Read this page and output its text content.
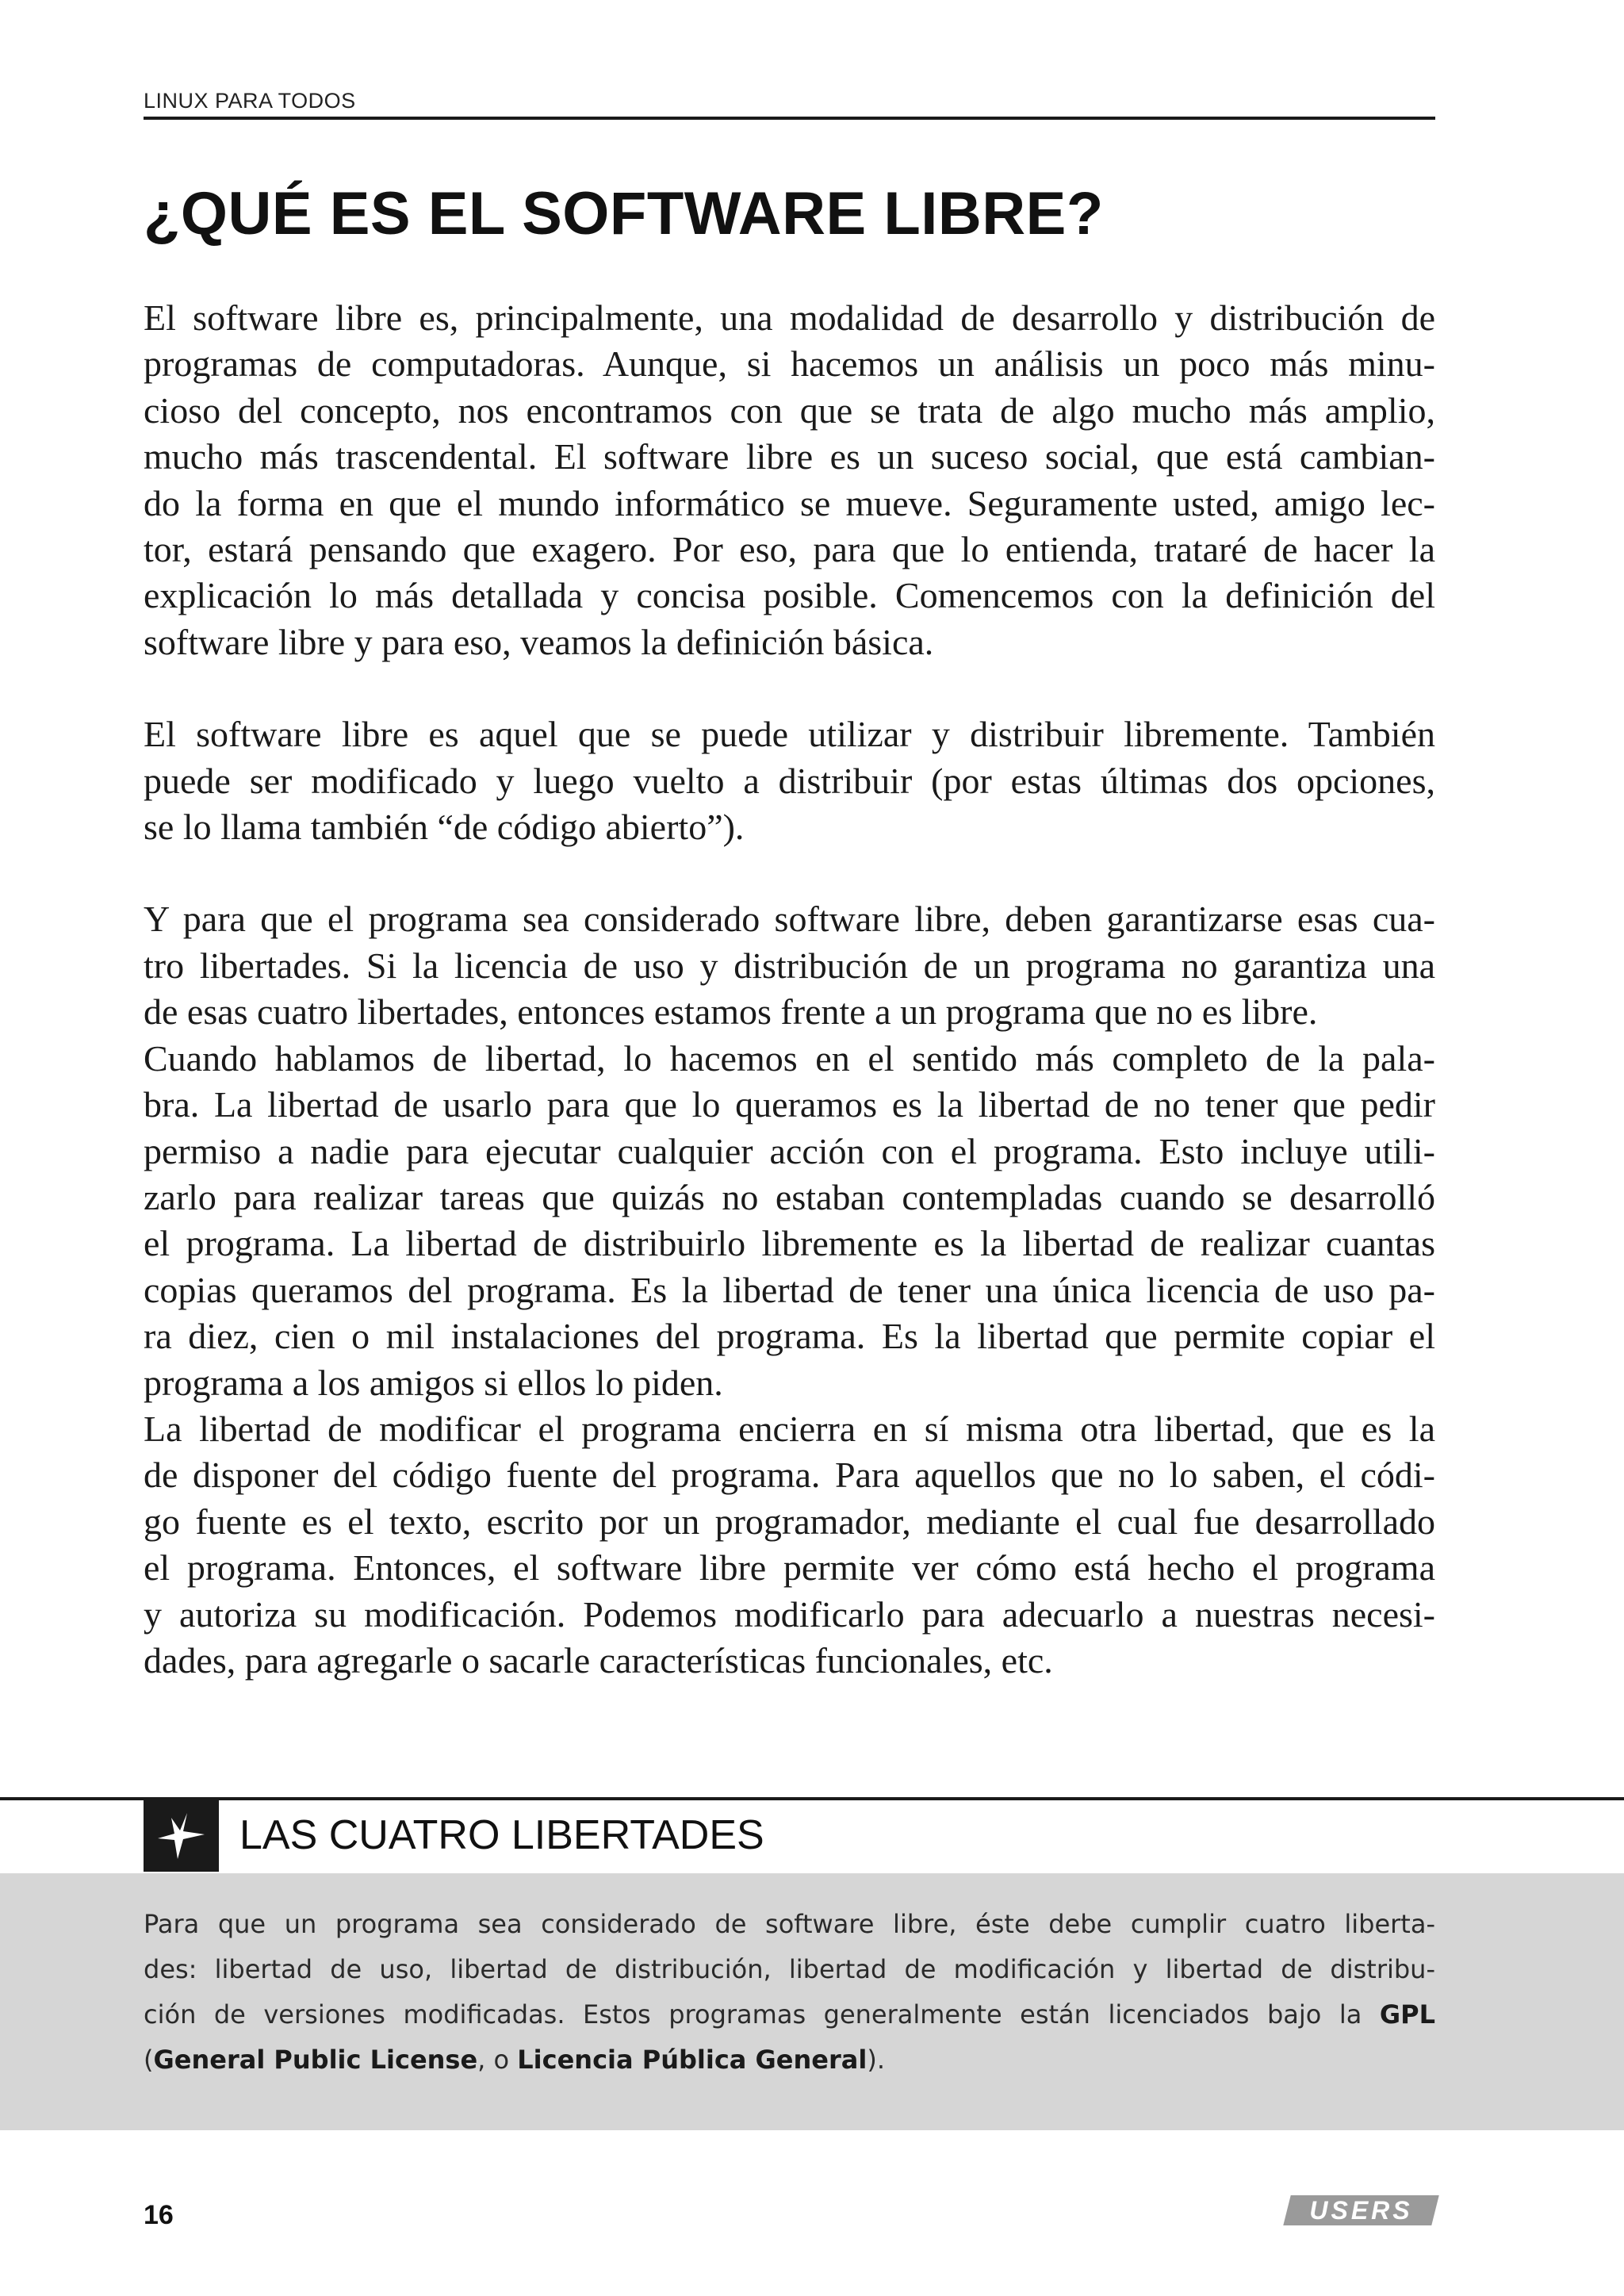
LINUX PARA TODOS
¿QUÉ ES EL SOFTWARE LIBRE?

El software libre es, principalmente, una modalidad de desarrollo y distribución de
programas de computadoras. Aunque, si hacemos un análisis un poco más minu-
cioso del concepto, nos encontramos con que se trata de algo mucho más amplio,
mucho más trascendental. El software libre es un suceso social, que está cambian-
do la forma en que el mundo informático se mueve. Seguramente usted, amigo lec-
tor, estará pensando que exagero. Por eso, para que lo entienda, trataré de hacer la
explicación lo más detallada y concisa posible. Comencemos con la definición del
software libre y para eso, veamos la definición básica.

El software libre es aquel que se puede utilizar y distribuir libremente. También
puede ser modificado y luego vuelto a distribuir (por estas últimas dos opciones,
se lo llama también “de código abierto”).

Y para que el programa sea considerado software libre, deben garantizarse esas cua-
tro libertades. Si la licencia de uso y distribución de un programa no garantiza una
de esas cuatro libertades, entonces estamos frente a un programa que no es libre.

Cuando hablamos de libertad, lo hacemos en el sentido más completo de la pala-
bra. La libertad de usarlo para que lo queramos es la libertad de no tener que pedir
permiso a nadie para ejecutar cualquier acción con el programa. Esto incluye utili-
zarlo para realizar tareas que quizás no estaban contempladas cuando se desarrolló
el programa. La libertad de distribuirlo libremente es la libertad de realizar cuantas
copias queramos del programa. Es la libertad de tener una única licencia de uso pa-
ra diez, cien o mil instalaciones del programa. Es la libertad que permite copiar el
programa a los amigos si ellos lo piden.

La libertad de modificar el programa encierra en sí misma otra libertad, que es la
de disponer del código fuente del programa. Para aquellos que no lo saben, el códi-
go fuente es el texto, escrito por un programador, mediante el cual fue desarrollado
el programa. Entonces, el software libre permite ver cómo está hecho el programa
y autoriza su modificación. Podemos modificarlo para adecuarlo a nuestras necesi-
dades, para agregarle o sacarle características funcionales, etc.

LAS CUATRO LIBERTADES
Para que un programa sea considerado de software libre, éste debe cumplir cuatro liberta-
des: libertad de uso, libertad de distribución, libertad de modificación y libertad de distribu-
ción de versiones modificadas. Estos programas generalmente están licenciados bajo la GPL
(General Public License, o Licencia Pública General).
16	USERS
